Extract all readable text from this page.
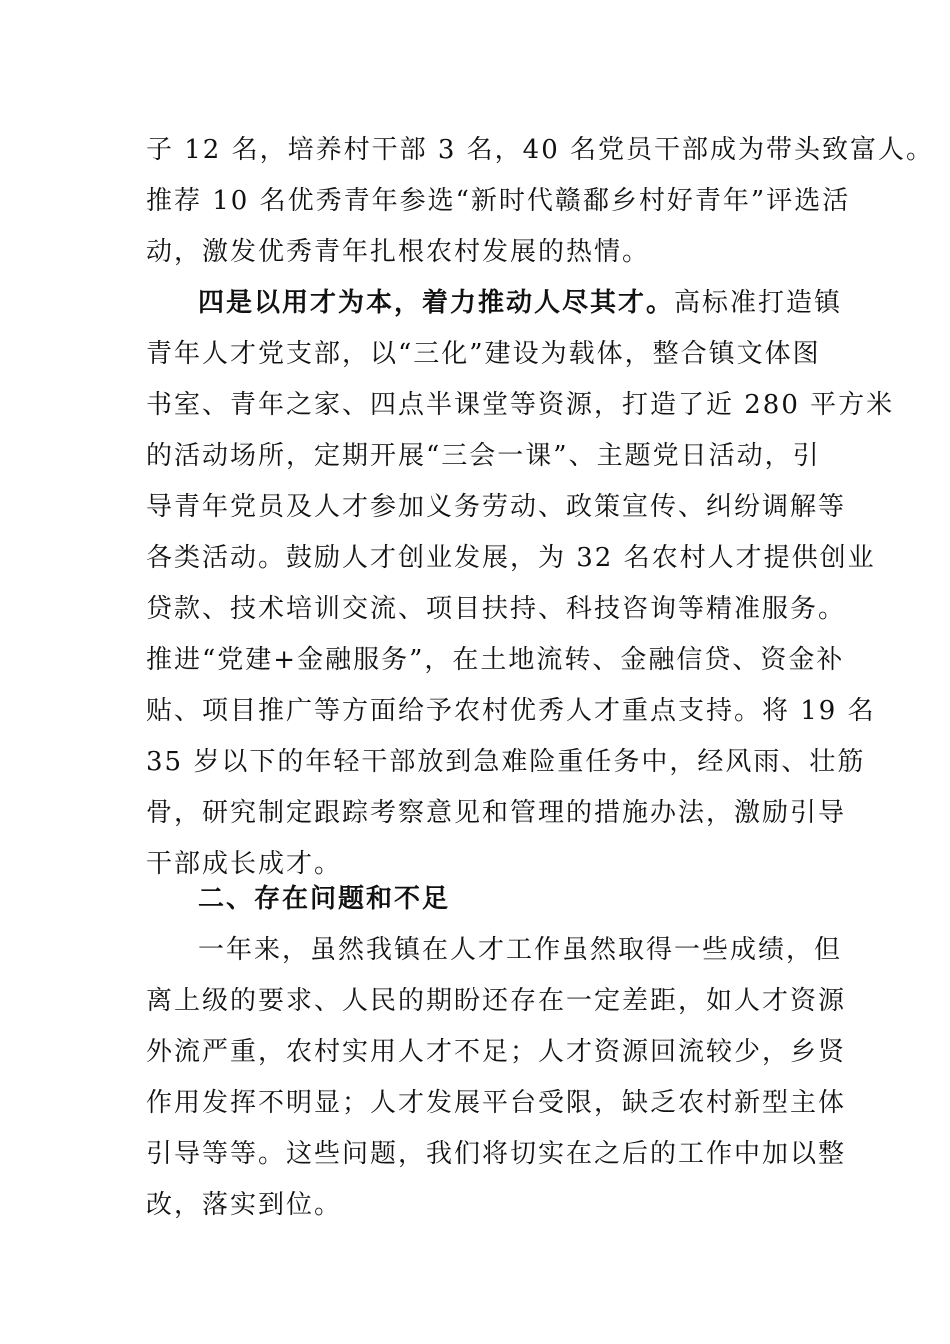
子 12 名，培养村干部 3 名，40 名党员干部成为带头致富人。
推荐 10 名优秀青年参选“新时代赣鄱乡村好青年”评选活
动，激发优秀青年扎根农村发展的热情。
四是以用才为本，着力推动人尽其才。高标准打造镇
青年人才党支部，以“三化”建设为载体，整合镇文体图
书室、青年之家、四点半课堂等资源，打造了近 280 平方米
的活动场所，定期开展“三会一课”、主题党日活动，引
导青年党员及人才参加义务劳动、政策宣传、纠纷调解等
各类活动。鼓励人才创业发展，为 32 名农村人才提供创业
贷款、技术培训交流、项目扶持、科技咨询等精准服务。
推进“党建+金融服务”，在土地流转、金融信贷、资金补
贴、项目推广等方面给予农村优秀人才重点支持。将 19 名
35 岁以下的年轻干部放到急难险重任务中，经风雨、壮筋
骨，研究制定跟踪考察意见和管理的措施办法，激励引导
干部成长成才。
二、存在问题和不足
一年来，虽然我镇在人才工作虽然取得一些成绩，但
离上级的要求、人民的期盼还存在一定差距，如人才资源
外流严重，农村实用人才不足；人才资源回流较少，乡贤
作用发挥不明显；人才发展平台受限，缺乏农村新型主体
引导等等。这些问题，我们将切实在之后的工作中加以整
改，落实到位。
